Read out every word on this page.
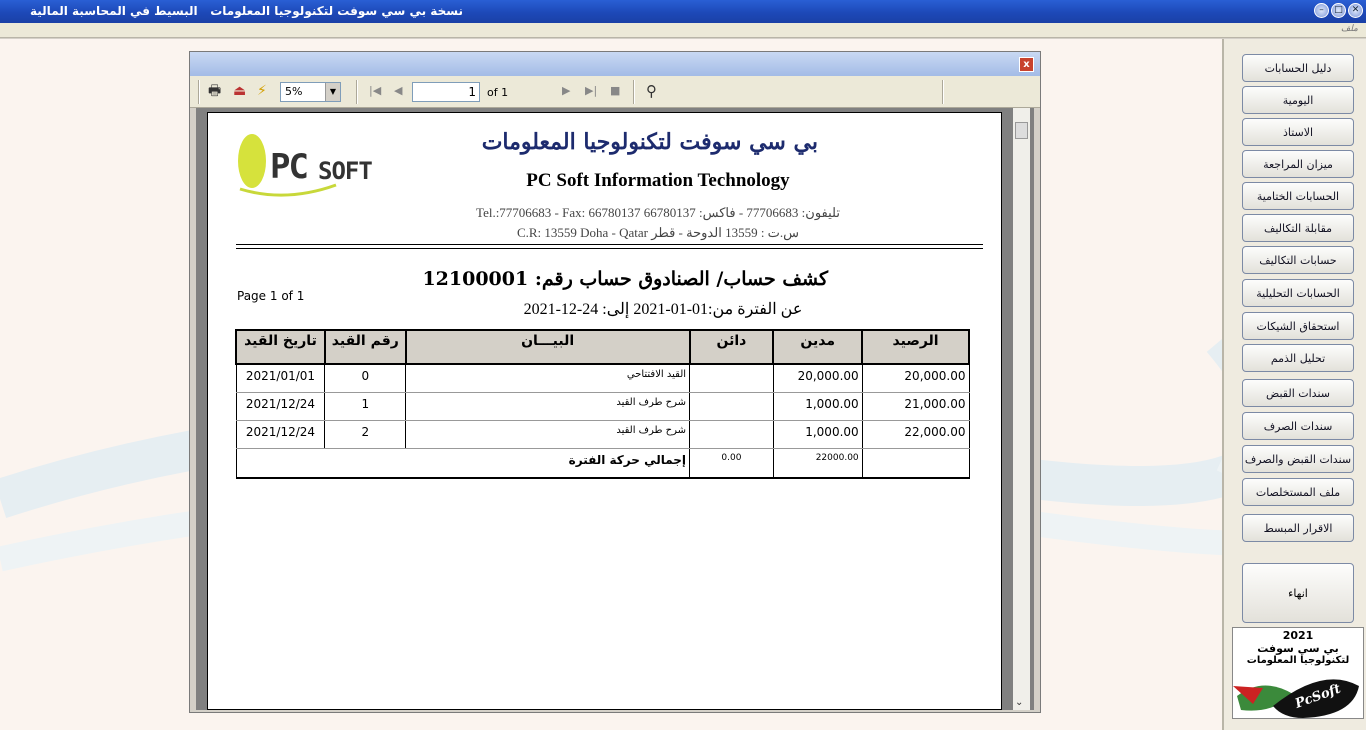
نسخة بي سي سوفت لتكنولوجيا المعلومات   البسيط في المحاسبة المالية	–	□ ✕
ملف
x
🖶 ⏏ ⚡	5%	▼	|◀ ◀	1	of 1	▶ ▶| ■ ⚲
PC SOFT
بي سي سوفت لتكنولوجيا المعلومات
PC Soft Information Technology
تليفون: 77706683 - فاكس: 66780137 66780137 :Tel.:77706683 - Fax
س.ت : 13559 الدوحة - قطر C.R: 13559 Doha - Qatar
Page 1 of 1
كشف حساب/ الصنادوق حساب رقم: 12100001
عن الفترة من:01-01-2021 إلى: 24-12-2021
تاريخ القيد	رقم القيد	البيـــان	دائن	مدين	الرصيد
2021/01/01	0	القيد الافتتاحي		20,000.00	20,000.00
2021/12/24	1	شرح طرف القيد		1,000.00	21,000.00
2021/12/24	2	شرح طرف القيد		1,000.00	22,000.00
إجمالي حركة الفترة			0.00	22000.00	
⌄
دليل الحسابات
اليومية
الاستاذ
ميزان المراجعة
الحسابات الختامية
مقابلة التكاليف
حسابات التكاليف
الحسابات التحليلية
استحقاق الشيكات
تحليل الذمم
سندات القبض
سندات الصرف
سندات القبض والصرف
ملف المستخلصات
الاقرار المبسط
انهاء
2021
بي سي سوفت
لتكنولوجيا المعلومات
PcSoft
